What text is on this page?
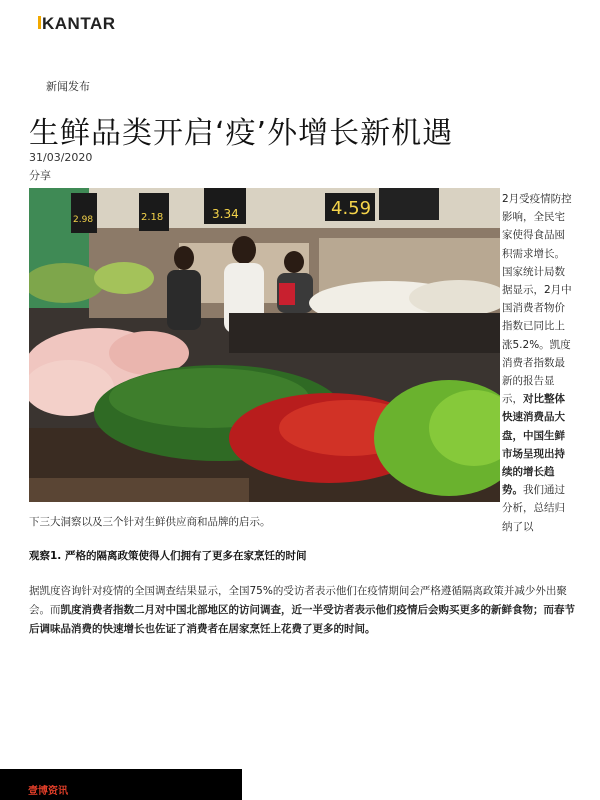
KANTAR
新闻发布
生鲜品类开启‘疫’外增长新机遇
31/03/2020
分享
4.59
3.34
2.18
2.98
2月受疫情防控影响，全民宅家使得食品囤积需求增长。国家统计局数据显示，2月中国消费者物价指数已同比上涨5.2%。凯度消费者指数最新的报告显示，对比整体快速消费品大盘，中国生鲜市场呈现出持续的增长趋势。我们通过分析，总结归纳了以
下三大洞察以及三个针对生鲜供应商和品牌的启示。
观察1. 严格的隔离政策使得人们拥有了更多在家烹饪的时间

据凯度咨询针对疫情的全国调查结果显示，全国75%的受访者表示他们在疫情期间会严格遵循隔离政策并减少外出聚会。而凯度消费者指数二月对中国北部地区的访问调查，近一半受访者表示他们疫情后会购买更多的新鲜食物；而春节后调味品消费的快速增长也佐证了消费者在居家烹饪上花费了更多的时间。

壹博资讯
